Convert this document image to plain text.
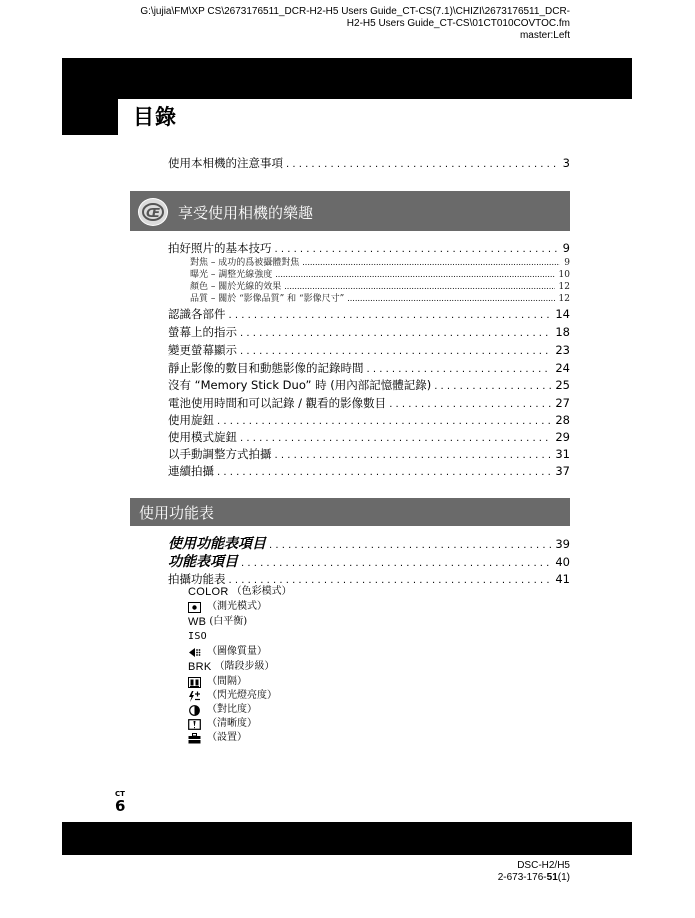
G:\jujia\FM\XP CS\2673176511_DCR-H2-H5 Users Guide_CT-CS(7.1)\CHIZI\2673176511_DCR-
H2-H5 Users Guide_CT-CS\01CT010COVTOC.fm
master:Left
目錄
使用本相機的注意事項 . . .	3
Œ 享受使用相機的樂趣
拍好照片的基本技巧 . . .	9
對焦 – 成功的爲被攝體對焦 .....	9
曝光 – 調整光線強度 .....	10
顏色 – 關於光線的效果 .....	12
品質 – 關於 “影像品質” 和 “影像尺寸” .....	12
認識各部件 . . .	14
螢幕上的指示 . . .	18
變更螢幕顯示 . . .	23
靜止影像的數目和動態影像的記錄時間 . . .	24
沒有 “Memory Stick Duo” 時 (用內部記憶體記錄) . . .	25
電池使用時間和可以記錄 / 觀看的影像數目 . . .	27
使用旋鈕 . . .	28
使用模式旋鈕 . . .	29
以手動調整方式拍攝 . . .	31
連續拍攝 . . .	37
使用功能表
使用功能表項目 . . .	39
功能表項目 . . .	40
拍攝功能表 . . .	41
COLOR （色彩模式）
（測光模式）
WB (白平衡)
ISO
（圖像質量）
BRK （階段步級）
（間隔）
（閃光燈亮度）
（對比度）
（清晰度）
（設置）
CT
6
DSC-H2/H5
2-673-176-51(1)
